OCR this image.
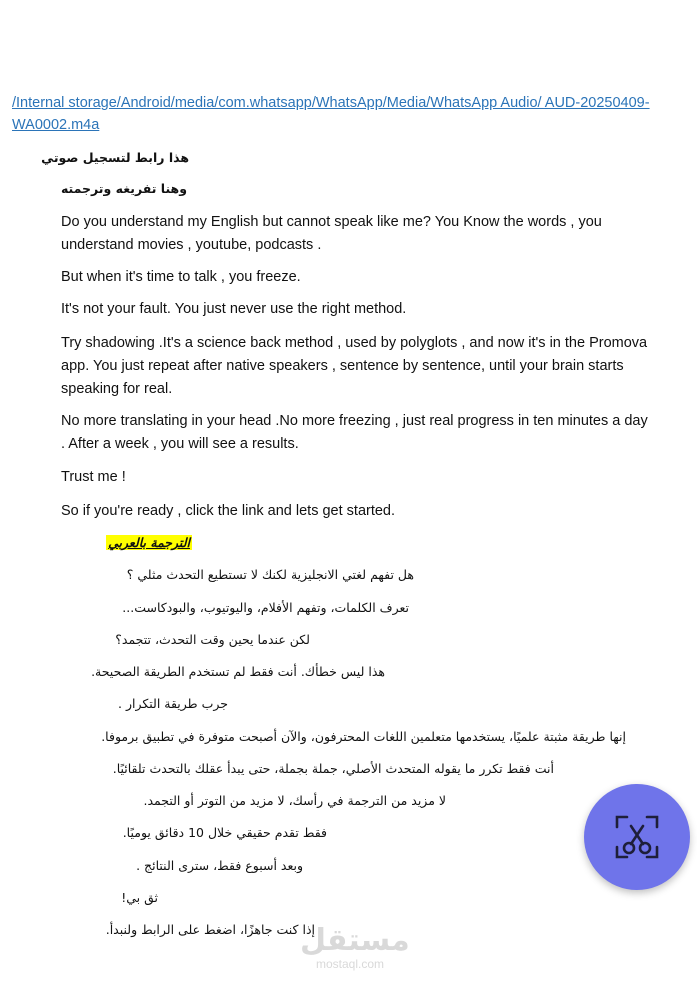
/Internal storage/Android/media/com.whatsapp/WhatsApp/Media/WhatsApp Audio/ AUD-20250409-WA0002.m4a
هذا رابط لتسجيل صوتي
وهنا تفريغه وترجمته
Do you understand my English but cannot speak like me? You Know the words , you understand movies , youtube, podcasts .
But when it's time to talk , you freeze.
It's not your fault. You just never use the right method.
Try shadowing .It's a science back method , used by polyglots , and now it's in the Promova app. You just repeat after native speakers , sentence by sentence, until your brain starts speaking for real.
No more translating in your head .No more freezing , just real progress in ten minutes a day . After a week , you will see a results.
Trust me !
So if you're ready , click the link and lets get started.
الترجمة بالعربي
هل تفهم لغتي الانجليزية لكنك لا تستطيع التحدث مثلي ؟
تعرف الكلمات، وتفهم الأفلام، واليوتيوب، والبودكاست...
لكن عندما يحين وقت التحدث، تتجمد؟
هذا ليس خطأك. أنت فقط لم تستخدم الطريقة الصحيحة.
جرب طريقة التكرار .
إنها طريقة مثبتة علميًا، يستخدمها متعلمين اللغات المحترفون، والآن أصبحت متوفرة في تطبيق برموفا.
أنت فقط تكرر ما يقوله المتحدث الأصلي، جملة بجملة، حتى يبدأ عقلك بالتحدث تلقائيًا.
لا مزيد من الترجمة في رأسك، لا مزيد من التوتر أو التجمد.
فقط تقدم حقيقي خلال 10 دقائق يوميًا.
وبعد أسبوع فقط، سترى النتائج .
ثق بي!
إذا كنت جاهزًا، اضغط على الرابط ولنبدأ.
مستقل
mostaql.com
